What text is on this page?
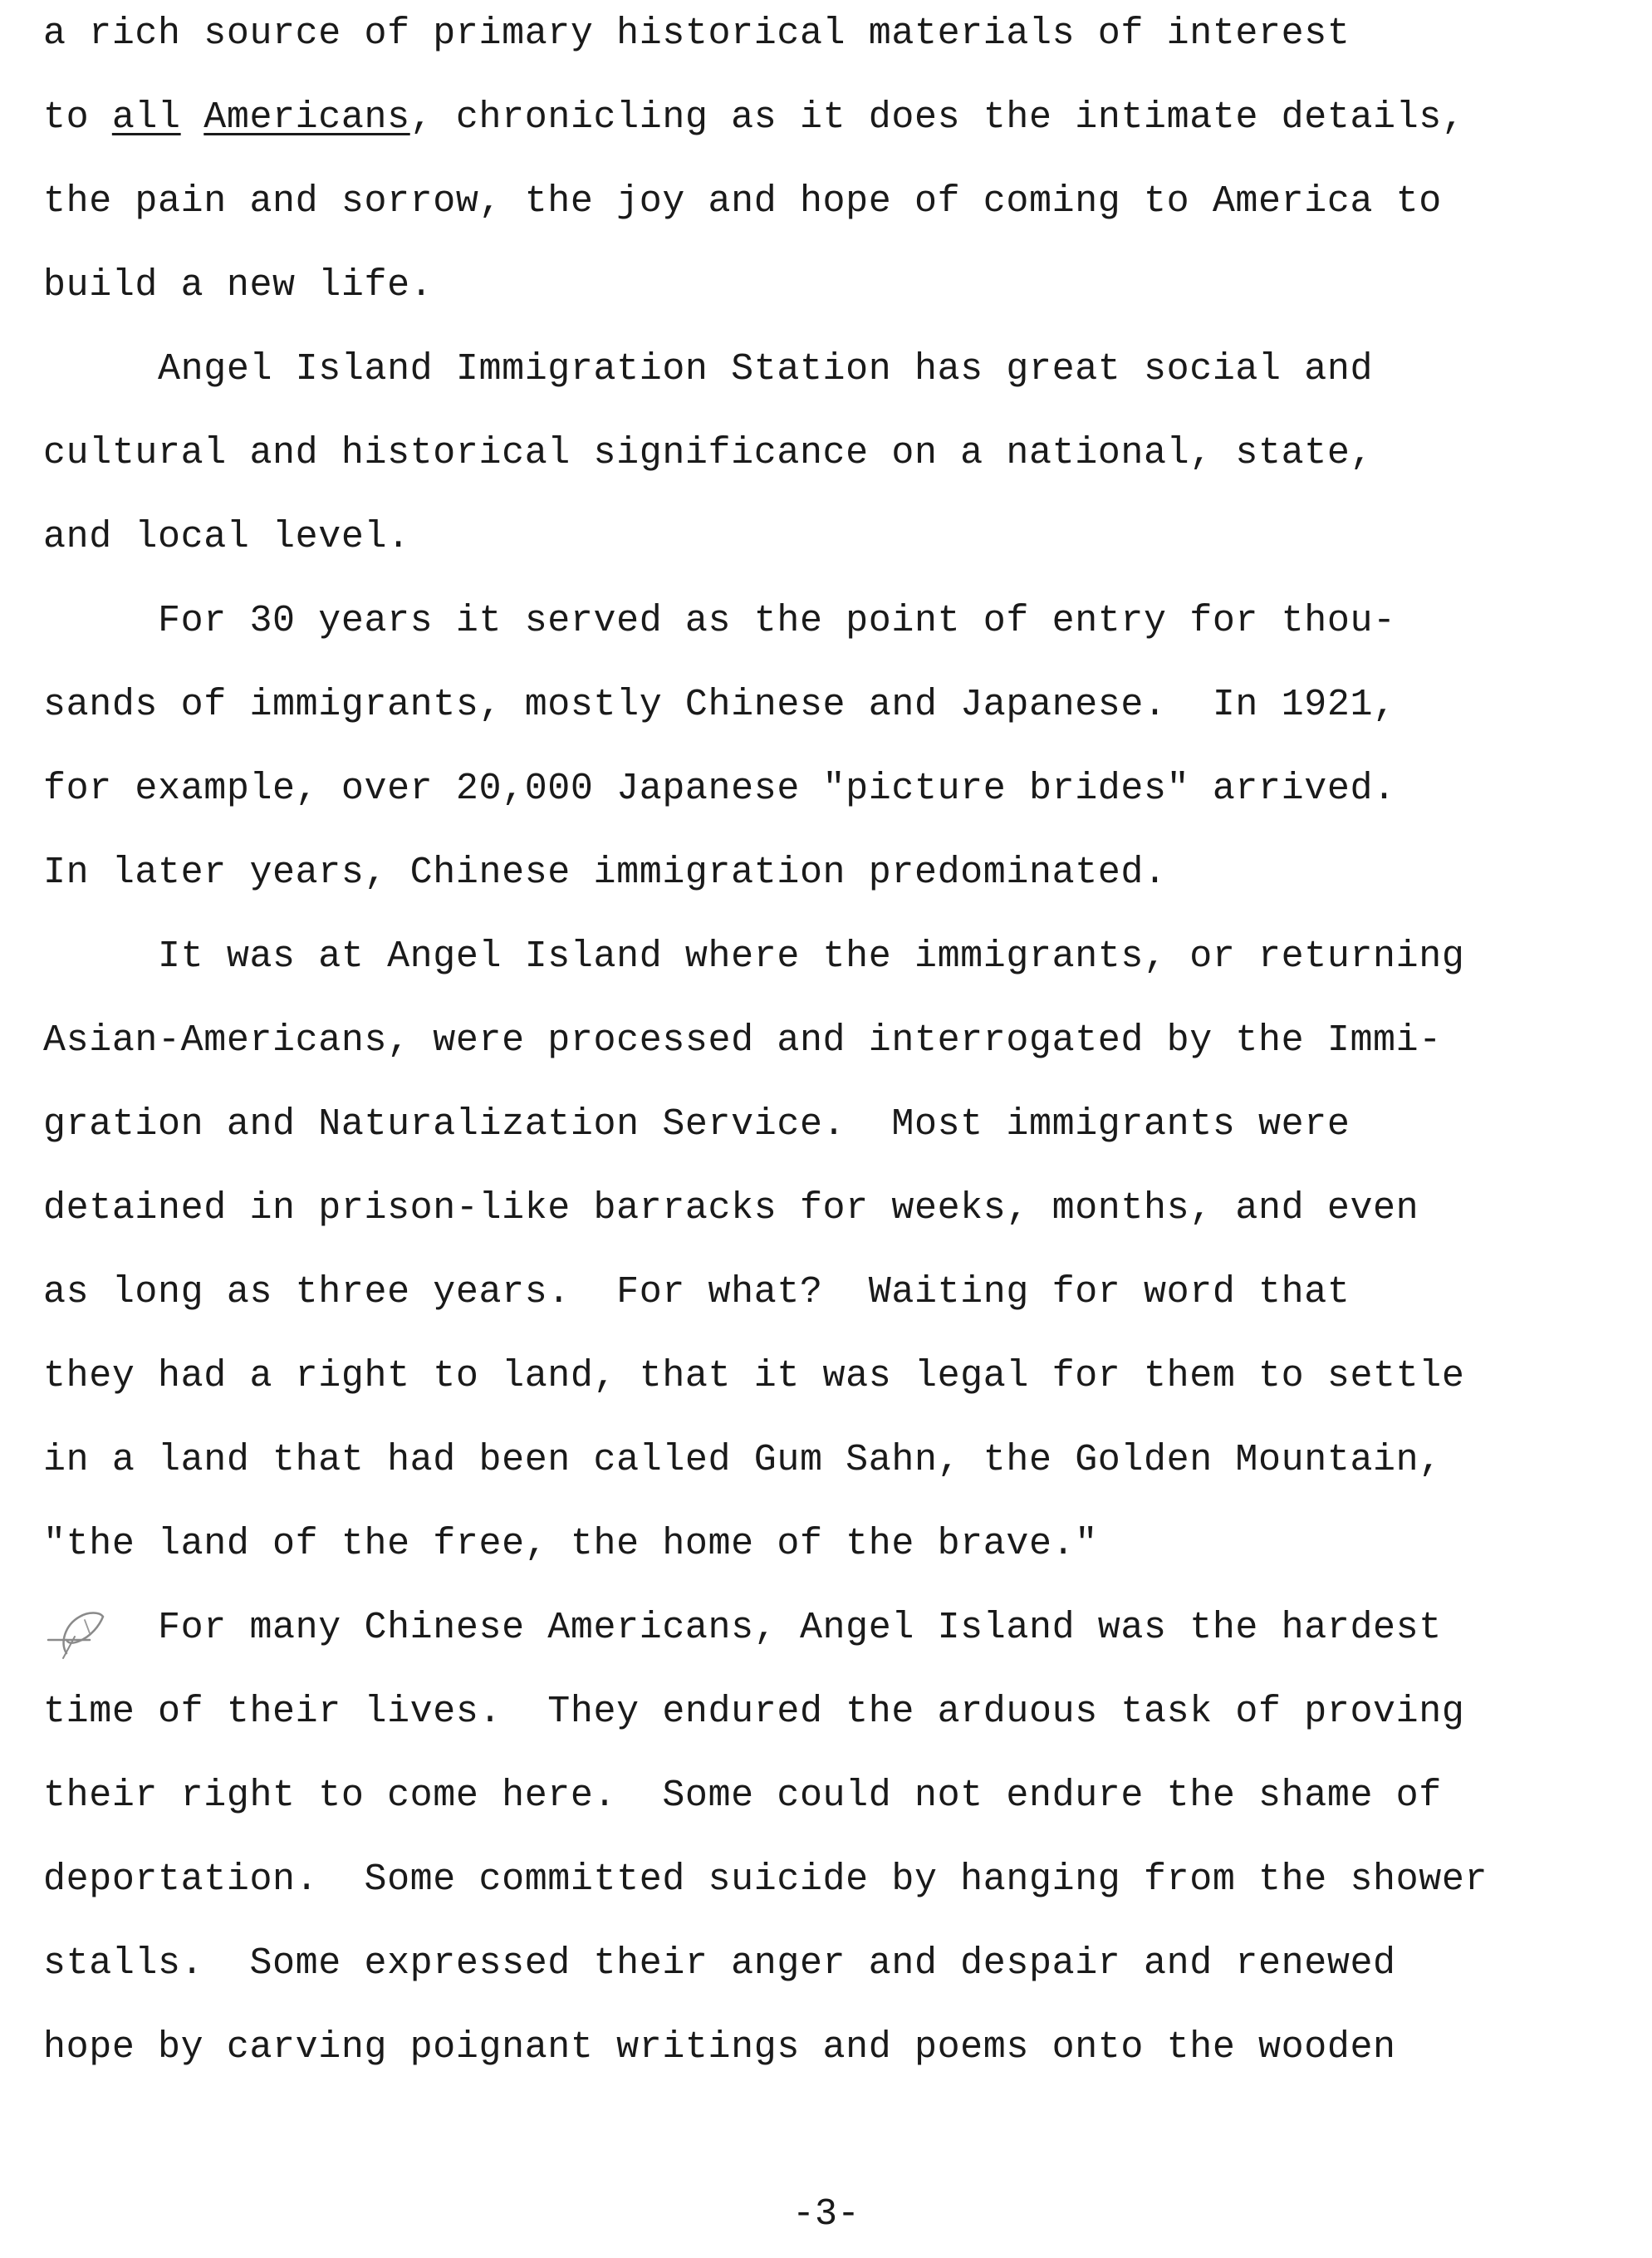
a rich source of primary historical materials of interest
to all Americans, chronicling as it does the intimate details,
the pain and sorrow, the joy and hope of coming to America to
build a new life.
Angel Island Immigration Station has great social and
cultural and historical significance on a national, state,
and local level.
For 30 years it served as the point of entry for thou-
sands of immigrants, mostly Chinese and Japanese.  In 1921,
for example, over 20,000 Japanese "picture brides" arrived.
In later years, Chinese immigration predominated.
It was at Angel Island where the immigrants, or returning
Asian-Americans, were processed and interrogated by the Immi-
gration and Naturalization Service.  Most immigrants were
detained in prison-like barracks for weeks, months, and even
as long as three years.  For what?  Waiting for word that
they had a right to land, that it was legal for them to settle
in a land that had been called Gum Sahn, the Golden Mountain,
"the land of the free, the home of the brave."
For many Chinese Americans, Angel Island was the hardest
time of their lives.  They endured the arduous task of proving
their right to come here.  Some could not endure the shame of
deportation.  Some committed suicide by hanging from the shower
stalls.  Some expressed their anger and despair and renewed
hope by carving poignant writings and poems onto the wooden
-3-
